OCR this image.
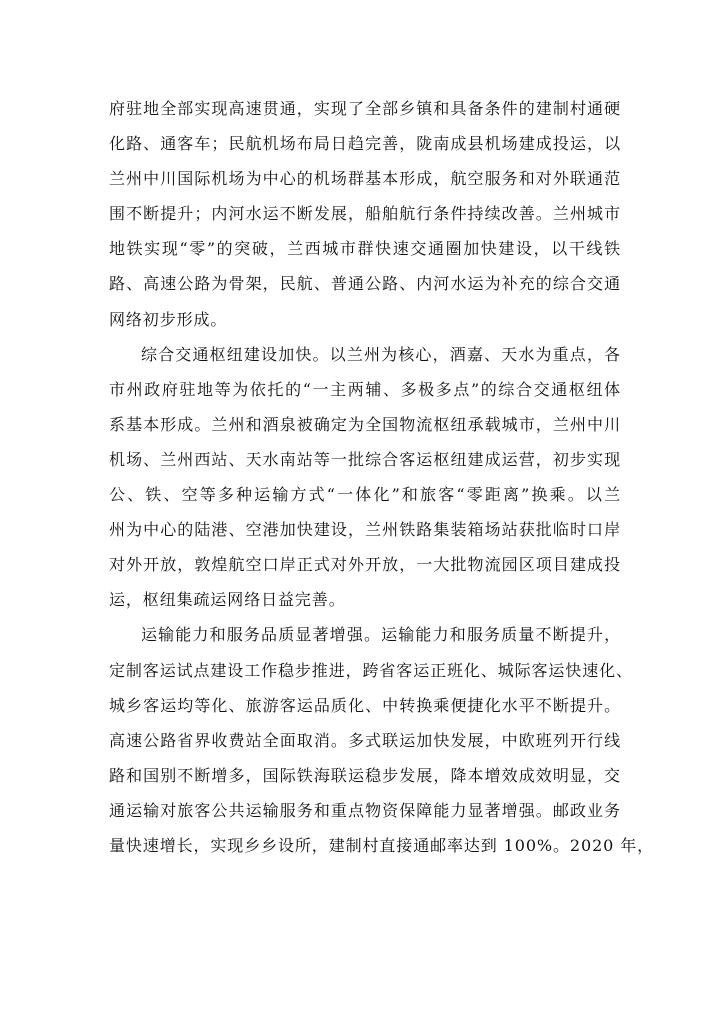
府驻地全部实现高速贯通，实现了全部乡镇和具备条件的建制村通硬
化路、通客车；民航机场布局日趋完善，陇南成县机场建成投运，以
兰州中川国际机场为中心的机场群基本形成，航空服务和对外联通范
围不断提升；内河水运不断发展，船舶航行条件持续改善。兰州城市
地铁实现“零”的突破，兰西城市群快速交通圈加快建设，以干线铁
路、高速公路为骨架，民航、普通公路、内河水运为补充的综合交通
网络初步形成。
综合交通枢纽建设加快。以兰州为核心，酒嘉、天水为重点，各
市州政府驻地等为依托的“一主两辅、多极多点”的综合交通枢纽体
系基本形成。兰州和酒泉被确定为全国物流枢纽承载城市，兰州中川
机场、兰州西站、天水南站等一批综合客运枢纽建成运营，初步实现
公、铁、空等多种运输方式“一体化”和旅客“零距离”换乘。以兰
州为中心的陆港、空港加快建设，兰州铁路集装箱场站获批临时口岸
对外开放，敦煌航空口岸正式对外开放，一大批物流园区项目建成投
运，枢纽集疏运网络日益完善。
运输能力和服务品质显著增强。运输能力和服务质量不断提升，
定制客运试点建设工作稳步推进，跨省客运正班化、城际客运快速化、
城乡客运均等化、旅游客运品质化、中转换乘便捷化水平不断提升。
高速公路省界收费站全面取消。多式联运加快发展，中欧班列开行线
路和国别不断增多，国际铁海联运稳步发展，降本增效成效明显，交
通运输对旅客公共运输服务和重点物资保障能力显著增强。邮政业务
量快速增长，实现乡乡设所，建制村直接通邮率达到 100%。2020 年，
